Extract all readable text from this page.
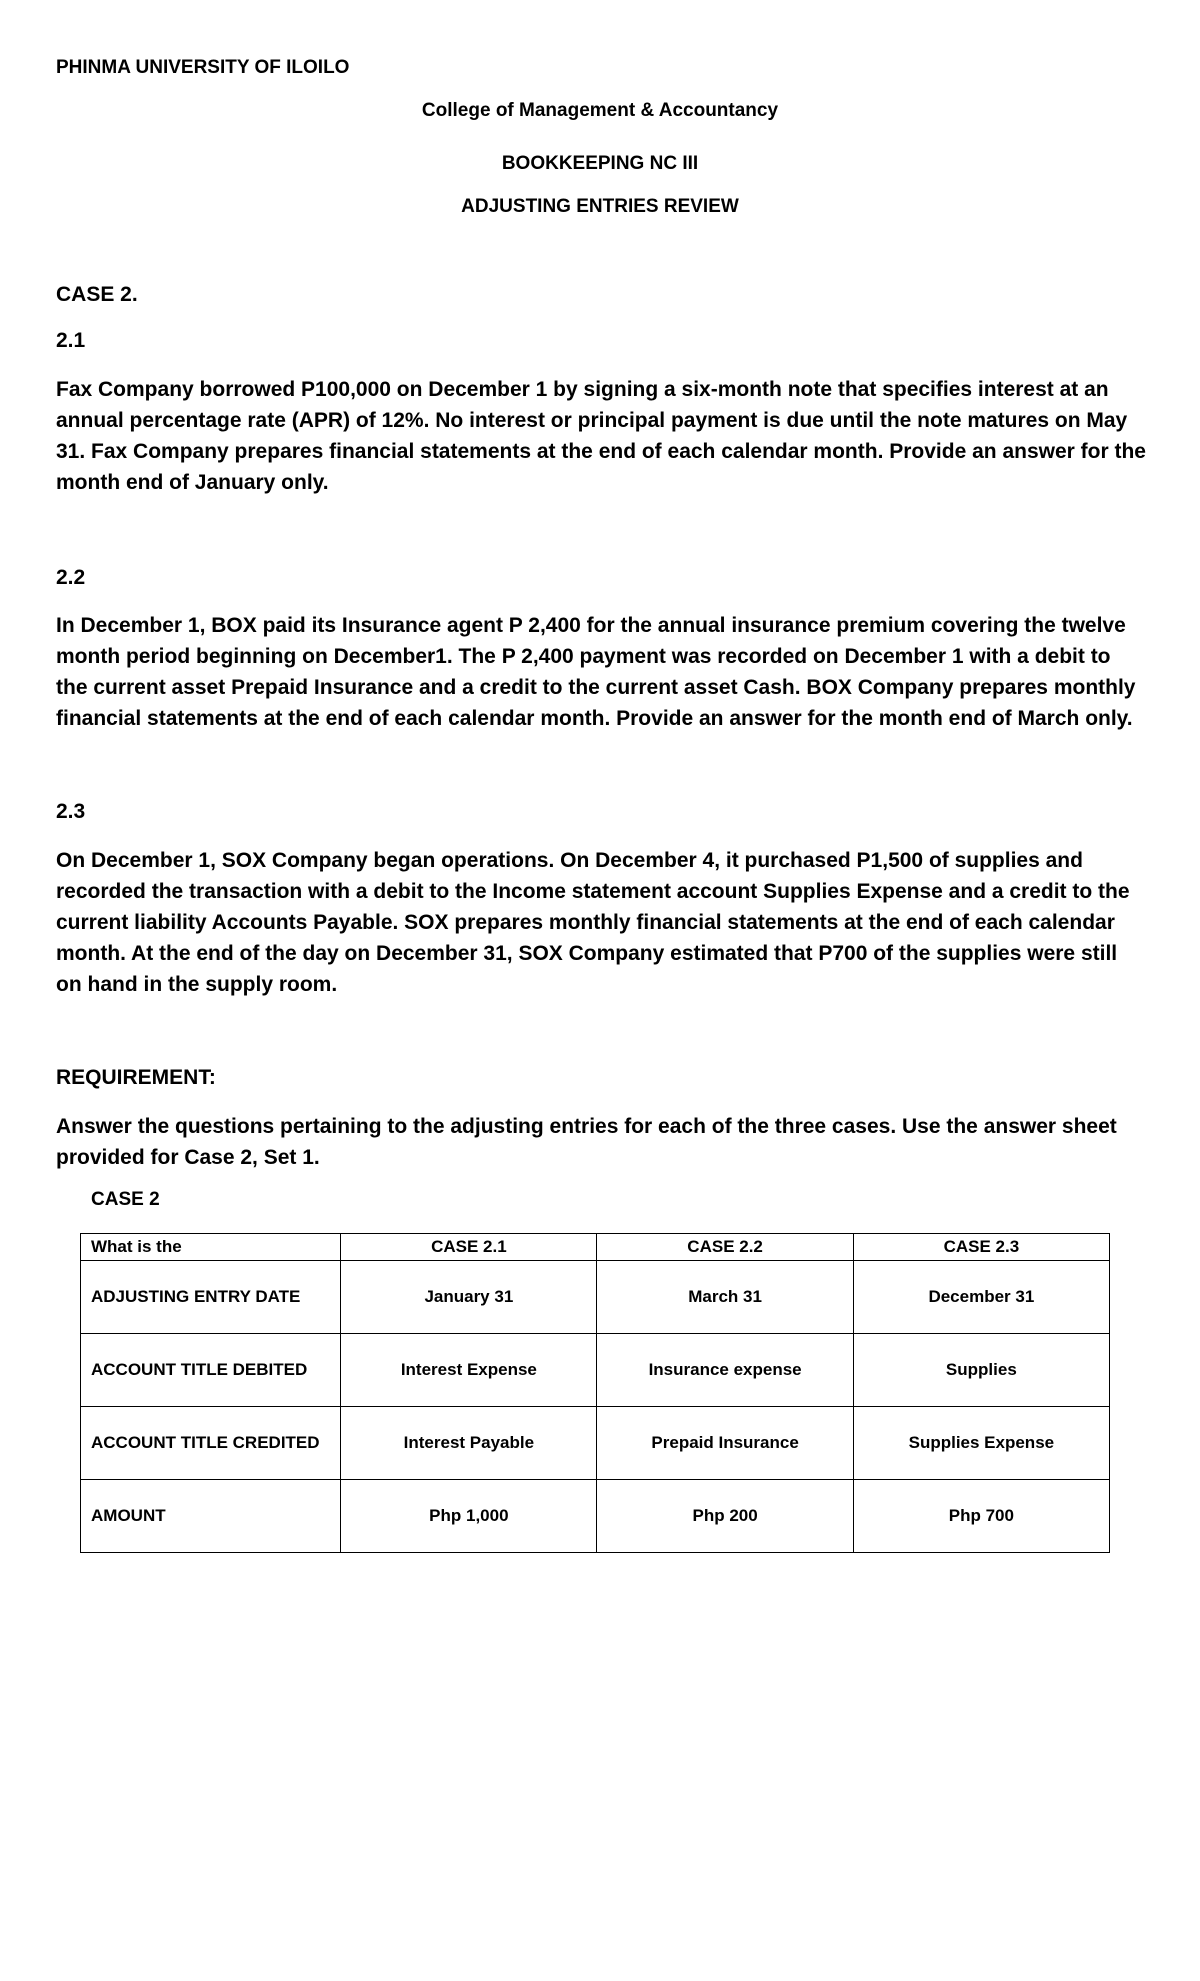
PHINMA UNIVERSITY OF ILOILO
College of Management & Accountancy
BOOKKEEPING NC III
ADJUSTING ENTRIES REVIEW
CASE 2.
2.1
Fax Company borrowed P100,000 on December 1 by signing a six-month note that specifies interest at an annual percentage rate (APR) of 12%. No interest or principal payment is due until the note matures on May 31. Fax Company prepares financial statements at the end of each calendar month. Provide an answer for the month end of January only.
2.2
In December 1, BOX paid its Insurance agent P 2,400 for the annual insurance premium covering the twelve month period beginning on December1. The P 2,400 payment was recorded on December 1 with a debit to the current asset Prepaid Insurance and a credit to the current asset Cash. BOX Company prepares monthly financial statements at the end of each calendar month. Provide an answer for the month end of March only.
2.3
On December 1, SOX Company began operations. On December 4, it purchased P1,500 of supplies and recorded the transaction with a debit to the Income statement account Supplies Expense and a credit to the current liability Accounts Payable. SOX prepares monthly financial statements at the end of each calendar month. At the end of the day on December 31, SOX Company estimated that P700 of the supplies were still on hand in the supply room.
REQUIREMENT:
Answer the questions pertaining to the adjusting entries for each of the three cases. Use the answer sheet provided for Case 2, Set 1.
CASE 2
What is the	CASE 2.1	CASE 2.2	CASE 2.3
ADJUSTING ENTRY DATE	January 31	March 31	December 31
ACCOUNT TITLE DEBITED	Interest Expense	Insurance expense	Supplies
ACCOUNT TITLE CREDITED	Interest Payable	Prepaid Insurance	Supplies Expense
AMOUNT	Php 1,000	Php 200	Php 700
